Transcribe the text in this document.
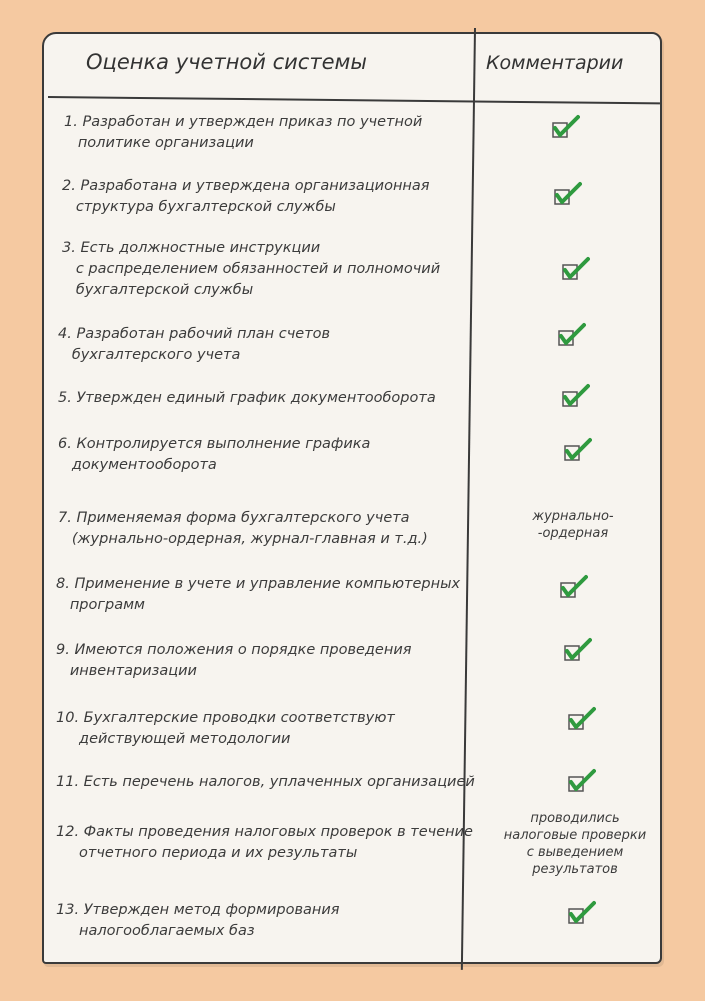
Оценка учетной системы	Комментарии
1. Разработан и утвержден приказ по учетной
политике организации
2. Разработана и утверждена организационная
структура бухгалтерской службы
3. Есть должностные инструкции
с распределением обязанностей и полномочий
бухгалтерской службы
4. Разработан рабочий план счетов
бухгалтерского учета
5. Утвержден единый график документооборота
6. Контролируется выполнение графика
документооборота
7. Применяемая форма бухгалтерского учета
(журнально-ордерная, журнал-главная и т.д.)
8. Применение в учете и управление компьютерных
программ
9. Имеются положения о порядке проведения
инвентаризации
10. Бухгалтерские проводки соответствуют
действующей методологии
11. Есть перечень налогов, уплаченных организацией
12. Факты проведения налоговых проверок в течение
отчетного периода и их результаты
13. Утвержден метод формирования
налогооблагаемых баз
журнально-
-ордерная
проводились
налоговые проверки
с выведением
результатов
